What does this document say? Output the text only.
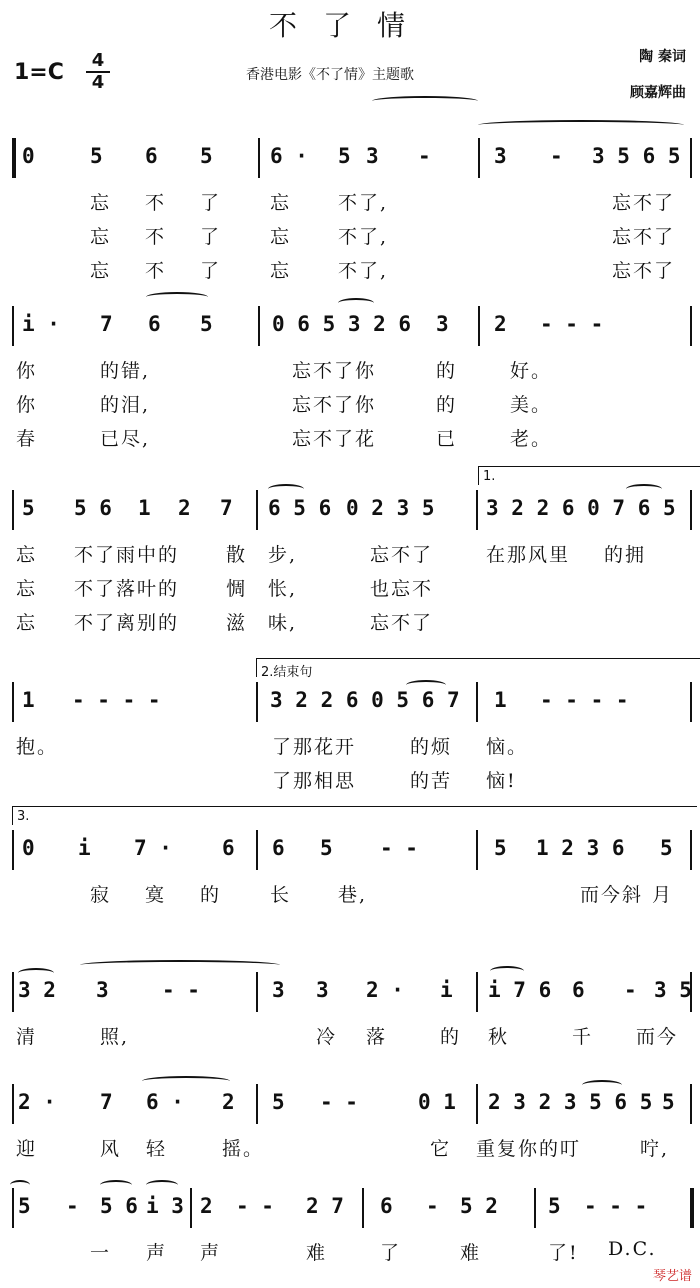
不了情
1=C	4
4	香港电影《不了情》主题歌
陶 秦词
顾嘉辉曲
0	5 6 5	6 · 5 3 -	3 - 3 5 6 5
忘 不 了	忘 不了,	忘不了
忘 不 了	忘 不了,	忘不了
忘 不 了	忘 不了,	忘不了
i · 7 6 5	0 6 5 3 2 6 3 2 - - -
你	的错,	忘不了你	的	好。
你	的泪,	忘不了你	的	美。
春	已尽,	忘不了花	已	老。
1.
5 5 6 1 2 7 6 5 6 0 2 3 5 3 2 2 6 0 7 6 5
忘 不了雨中的 散 步,	忘不了	在那风里 的拥
忘 不了落叶的 惆 怅,	也忘不
忘 不了离别的 滋 味,	忘不了
2.结束句
1 - - - -	3 2 2 6 0 5 6 7 1 - - - -
抱。	了那花开	的烦 恼。
了那相思	的苦 恼!
3.
0 i 7 · 6 6 5 - -	5 1 2 3 6 5
寂 寞 的	长 巷,	而今斜 月
3 2 3	- -	3 3 2 · i i 7 6 6 - 3 5
清	照,	冷 落	的 秋	千 而今
2 · 7 6 · 2 5 - -	0 1 2 3 2 3 5 6 5 5
迎	风 轻	摇。	它 重复你的叮	咛,
5 - 5 6 i 3 2 - - 2 7 6 - 5 2 5 - - -
一 声 声	难	了	难	了! D.C.
琴艺谱
